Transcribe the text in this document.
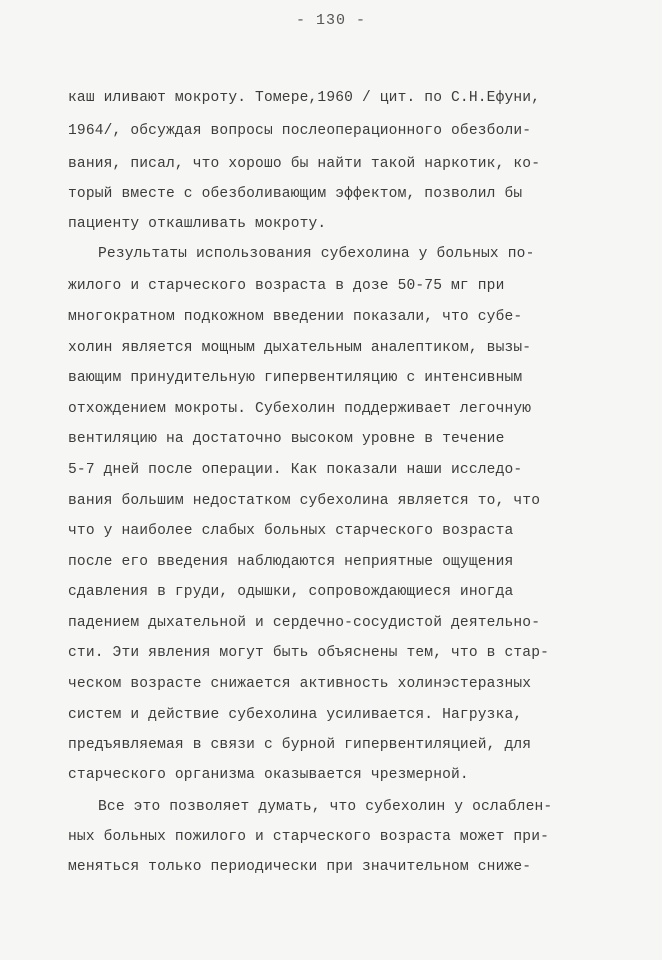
- 130 -
каш иливают мокроту. Томере,1960 / цит. по С.Н.Ефуни,
1964/, обсуждая вопросы послеоперационного обезболи-
вания, писал, что хорошо бы найти такой наркотик, ко-
торый вместе с обезболивающим эффектом, позволил бы
пациенту откашливать мокроту.
Результаты использования субехолина у больных по-
жилого и старческого возраста в дозе 50-75 мг при
многократном подкожном введении показали, что субе-
холин является мощным дыхательным аналептиком, вызы-
вающим принудительную гипервентиляцию с интенсивным
отхождением мокроты. Субехолин поддерживает легочную
вентиляцию на достаточно высоком уровне в течение
5-7 дней после операции. Как показали наши исследо-
вания большим недостатком субехолина является то, что
что у наиболее слабых больных старческого возраста
после его введения наблюдаются неприятные ощущения
сдавления в груди, одышки, сопровождающиеся иногда
падением дыхательной и сердечно-сосудистой деятельно-
сти. Эти явления могут быть объяснены тем, что в стар-
ческом возрасте снижается активность холинэстеразных
систем и действие субехолина усиливается. Нагрузка,
предъявляемая в связи с бурной гипервентиляцией, для
старческого организма оказывается чрезмерной.
Все это позволяет думать, что субехолин у ослаблен-
ных больных пожилого и старческого возраста может при-
меняться только периодически при значительном сниже-
